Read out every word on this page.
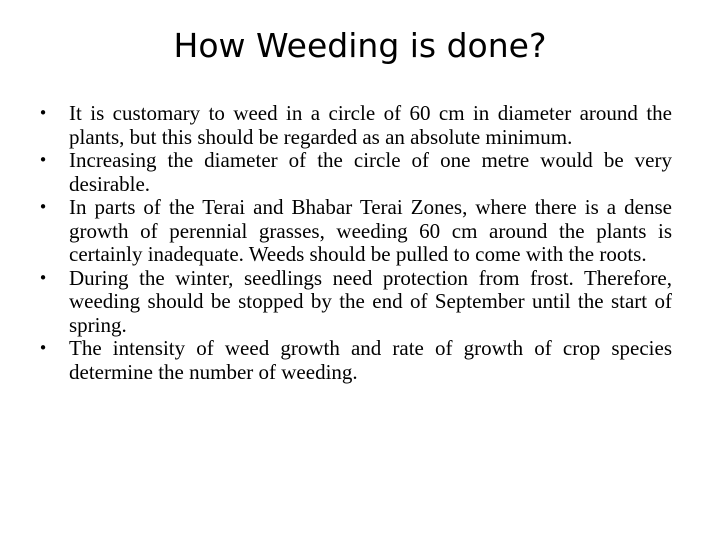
How Weeding is done?
• It is customary to weed in a circle of 60 cm in diameter around the plants, but this should be regarded as an absolute minimum.
• Increasing the diameter of the circle of one metre would be very desirable.
• In parts of the Terai and Bhabar Terai Zones, where there is a dense growth of perennial grasses, weeding 60 cm around the plants is certainly inadequate. Weeds should be pulled to come with the roots.
• During the winter, seedlings need protection from frost. Therefore, weeding should be stopped by the end of September until the start of spring.
• The intensity of weed growth and rate of growth of crop species determine the number of weeding.
